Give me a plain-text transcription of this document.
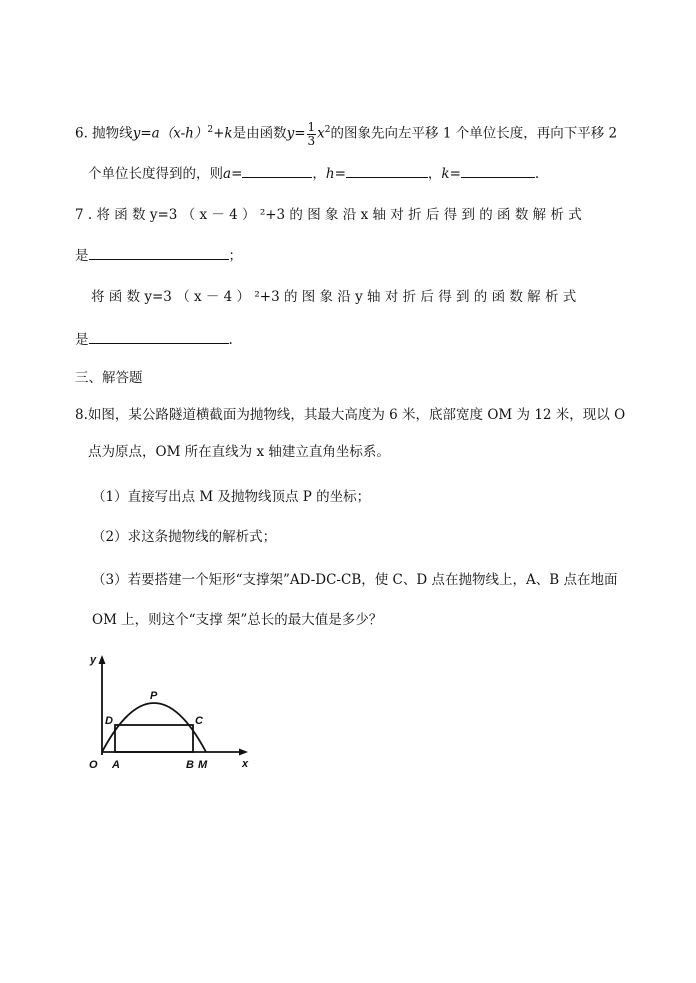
6. 抛物线$y=a(x-h)^2+k$是由函数$y= \frac{1}{3} x^2$的图象先向左平移 1 个单位长度，再向下平移 2
个单位长度得到的，则a=	，h=	，k=	.
7 . 将 函 数 y=3 （ x － 4 ） ²+3 的 图 象 沿 x 轴 对 折 后 得 到 的 函 数 解 析 式
是	；
将 函 数 y=3 （ x － 4 ） ²+3 的 图 象 沿 y 轴 对 折 后 得 到 的 函 数 解 析 式
是	.
三、解答题
8.如图，某公路隧道横截面为抛物线，其最大高度为 6 米，底部宽度 OM 为 12 米，现以 O
点为原点，OM 所在直线为 x 轴建立直角坐标系。
（1）直接写出点 M 及抛物线顶点 P 的坐标；
（2）求这条抛物线的解析式；
（3）若要搭建一个矩形“支撑架”AD-DC-CB，使 C、D 点在抛物线上，A、B 点在地面
OM 上，则这个“支撑 架”总长的最大值是多少？
y
x
O A	B M
D	C
P
